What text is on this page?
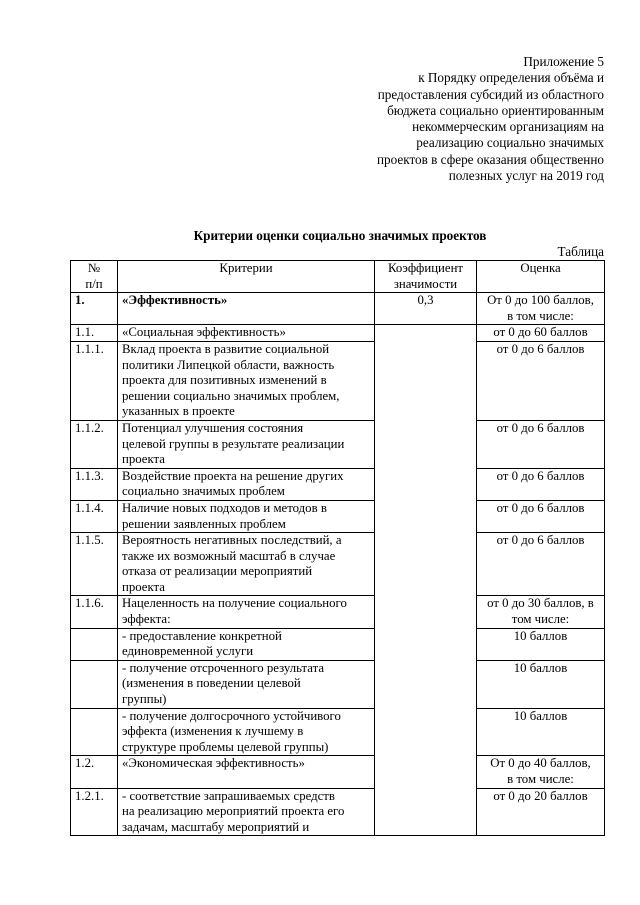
Приложение 5
к Порядку определения объёма и
предоставления субсидий из областного
бюджета социально ориентированным
некоммерческим организациям на
реализацию социально значимых
проектов в сфере оказания общественно
полезных услуг на 2019 год
Критерии оценки социально значимых проектов
Таблица
№
п/п	Критерии	Коэффициент
значимости	Оценка

1.	«Эффективность»	0,3	От 0 до 100 баллов,
в том числе:

1.1.	«Социальная эффективность»		от 0 до 60 баллов

1.1.1.	Вклад проекта в развитие социальной
политики Липецкой области, важность
проекта для позитивных изменений в
решении социально значимых проблем,
указанных в проекте		от 0 до 6 баллов

1.1.2.	Потенциал улучшения состояния
целевой группы в результате реализации
проекта		от 0 до 6 баллов

1.1.3.	Воздействие проекта на решение других
социально значимых проблем		от 0 до 6 баллов

1.1.4.	Наличие новых подходов и методов в
решении заявленных проблем		от 0 до 6 баллов

1.1.5.	Вероятность негативных последствий, а
также их возможный масштаб в случае
отказа от реализации мероприятий
проекта		от 0 до 6 баллов

1.1.6.	Нацеленность на получение социального
эффекта:		от 0 до 30 баллов, в
том числе:

	- предоставление конкретной
единовременной услуги		10 баллов

	- получение отсроченного результата
(изменения в поведении целевой
группы)		10 баллов

	- получение долгосрочного устойчивого
эффекта (изменения к лучшему в
структуре проблемы целевой группы)		10 баллов

1.2.	«Экономическая эффективность»		От 0 до 40 баллов,
в том числе:

1.2.1.	- соответствие запрашиваемых средств
на реализацию мероприятий проекта его
задачам, масштабу мероприятий и		от 0 до 20 баллов
